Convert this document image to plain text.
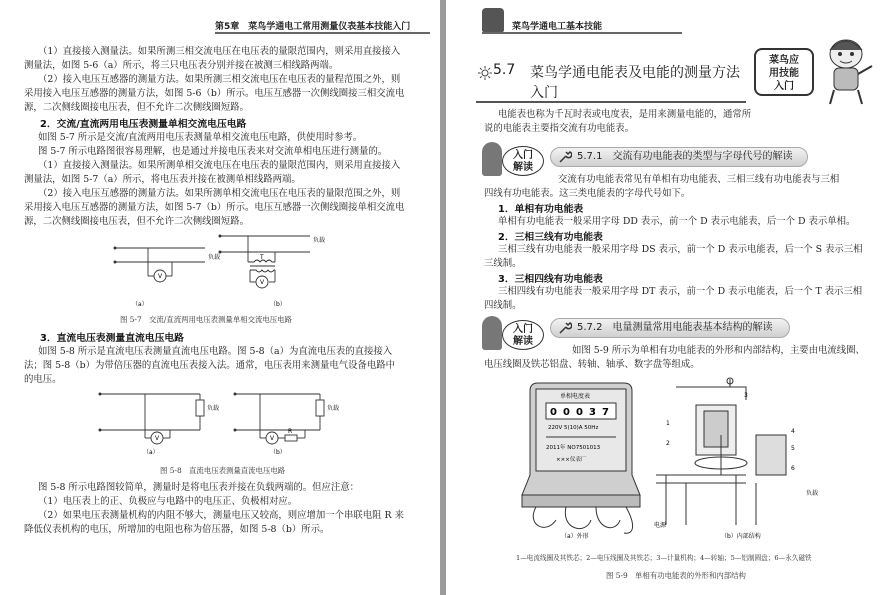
第5章　菜鸟学通电工常用测量仪表基本技能入门
（1）直接接入测量法。如果所测三相交流电压在电压表的量限范围内，则采用直接接入
测量法，如图 5-6（a）所示，将三只电压表分别并接在被测三相线路两端。
（2）接入电压互感器的测量方法。如果所测三相交流电压在电压表的量程范围之外，则
采用接入电压互感器的测量方法，如图 5-6（b）所示。电压互感器一次侧线圈接三相交流电
源，二次侧线圈接电压表，但不允许二次侧线圈短路。
2．交流/直流两用电压表测量单相交流电压电路
如图 5-7 所示是交流/直流两用电压表测量单相交流电压电路，供使用时参考。
图 5-7 所示电路图很容易理解，也是通过并接电压表来对交流单相电压进行测量的。
（1）直接接入测量法。如果所测单相交流电压在电压表的量限范围内，则采用直接接入
测量法，如图 5-7（a）所示，将电压表并接在被测单相线路两端。
（2）接入电压互感器的测量方法。如果所测单相交流电压在电压表的量限范围之外，则
采用接入电压互感器的测量方法，如图 5-7（b）所示。电压互感器一次侧线圈接单相交流电
源，二次侧线圈接电压表，但不允许二次侧线圈短路。
负载
负载
T
V
V
（a）	（b）
图 5-7　交流/直流两用电压表测量单相交流电压电路
3．直流电压表测量直流电压电路
如图 5-8 所示是直流电压表测量直流电压电路。图 5-8（a）为直流电压表的直接接入
法；图 5-8（b）为带倍压器的直流电压表接入法。通常，电压表用来测量电气设备电路中
的电压。
负载	负载
R
V	V
（a）	（b）
图 5-8　直流电压表测量直流电压电路
图 5-8 所示电路图较简单，测量时是将电压表并接在负载两端的。但应注意：
（1）电压表上的正、负极应与电路中的电压正、负极相对应。
（2）如果电压表测量机构的内阻不够大，测量电压又较高，则应增加一个串联电阻 R 来
降低仪表机构的电压，所增加的电阻也称为倍压器，如图 5-8（b）所示。
菜鸟学通电工基本技能
5.7 菜鸟学通电能表及电能的测量方法
入门
菜鸟应
用技能
入门
电能表也称为千瓦时表或电度表，是用来测量电能的，通常所
说的电能表主要指交流有功电能表。
入门
解读
5.7.1　交流有功电能表的类型与字母代号的解读
交流有功电能表常见有单相有功电能表、三相三线有功电能表与三相
四线有功电能表。这三类电能表的字母代号如下。
1．单相有功电能表
单相有功电能表一般采用字母 DD 表示，前一个 D 表示电能表，后一个 D 表示单相。
2．三相三线有功电能表
三相三线有功电能表一般采用字母 DS 表示，前一个 D 表示电能表，后一个 S 表示三相
三线制。
3．三相四线有功电能表
三相四线有功电能表一般采用字母 DT 表示，前一个 D 表示电能表，后一个 T 表示三相
四线制。
入门
解读
5.7.2　电量测量常用电能表基本结构的解读
如图 5-9 所示为单相有功电能表的外形和内部结构，主要由电流线圈、
电压线圈及铁芯铝盘、转轴、轴承、数字盘等组成。
单相电度表
0 0 0 3 7
220V 5(10)A 50Hz
2011年 NO7501013
×××仪表厂
（a）外形
1
2
3
4
5
6
电源
负载
（b）内部结构
1—电流线圈及其铁芯；2—电压线圈及其铁芯；3—计量机构；4—转轴；5—铝制圆盘；6—永久磁铁
图 5-9　单相有功电能表的外形和内部结构
